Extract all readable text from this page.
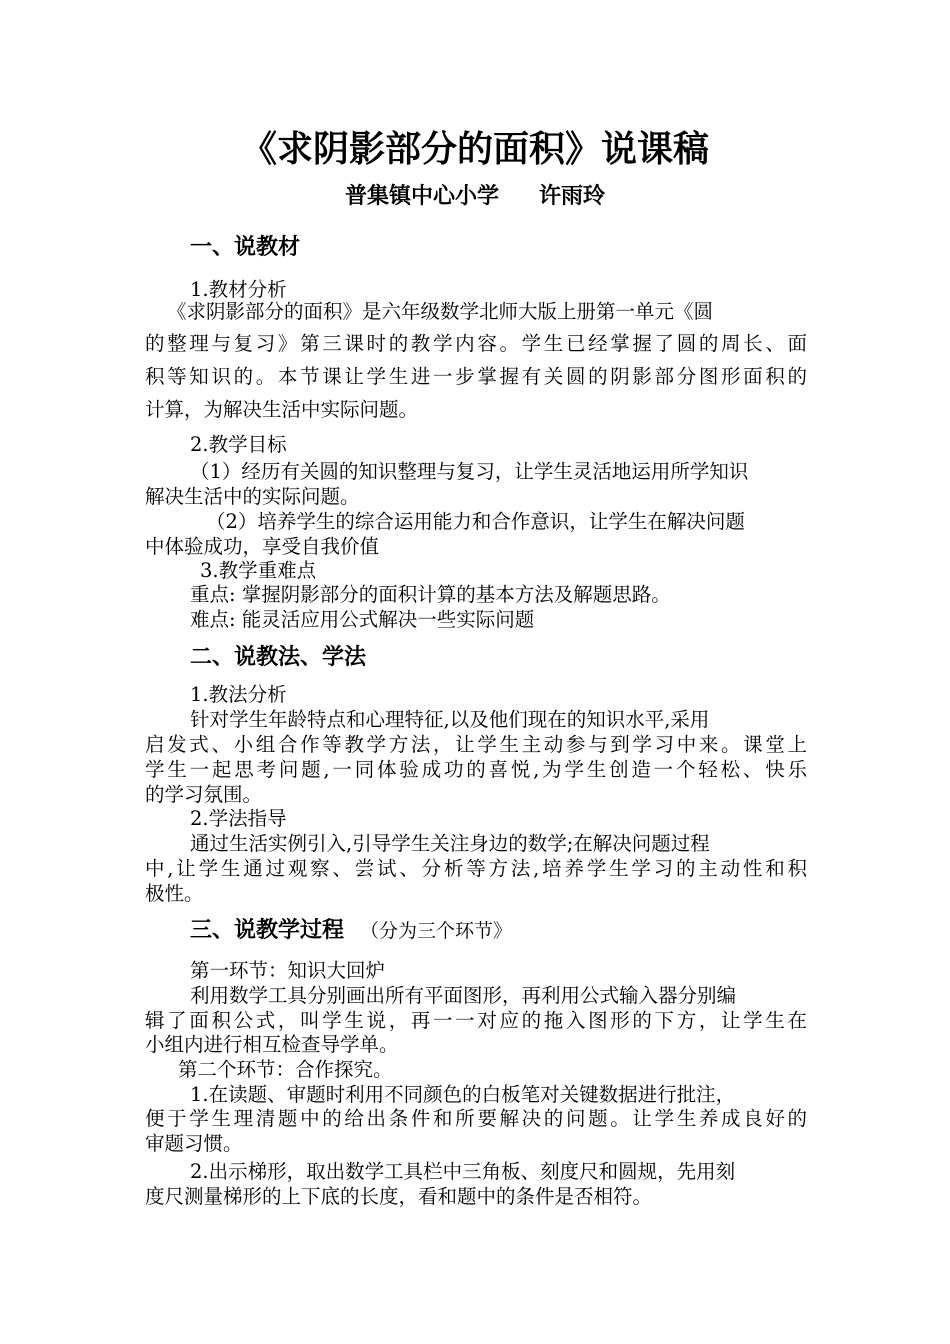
《求阴影部分的面积》说课稿
普集镇中心小学 许雨玲
一、说教材
1.教材分析
《求阴影部分的面积》是六年级数学北师大版上册第一单元《圆
的整理与复习》第三课时的教学内容。学生已经掌握了圆的周长、面
积等知识的。本节课让学生进一步掌握有关圆的阴影部分图形面积的
计算，为解决生活中实际问题。
2.教学目标
（1）经历有关圆的知识整理与复习，让学生灵活地运用所学知识
解决生活中的实际问题。
（2）培养学生的综合运用能力和合作意识，让学生在解决问题
中体验成功，享受自我价值
3.教学重难点
重点: 掌握阴影部分的面积计算的基本方法及解题思路。
难点: 能灵活应用公式解决一些实际问题
二、说教法、学法
1.教法分析
针对学生年龄特点和心理特征,以及他们现在的知识水平,采用
启发式、小组合作等教学方法，让学生主动参与到学习中来。课堂上
学生一起思考问题,一同体验成功的喜悦,为学生创造一个轻松、快乐
的学习氛围。
2.学法指导
通过生活实例引入,引导学生关注身边的数学;在解决问题过程
中,让学生通过观察、尝试、分析等方法,培养学生学习的主动性和积
极性。
三、说教学过程 （分为三个环节》
第一环节：知识大回炉
利用数学工具分别画出所有平面图形，再利用公式输入器分别编
辑了面积公式，叫学生说，再一一对应的拖入图形的下方，让学生在
小组内进行相互检查导学单。
第二个环节：合作探究。
1.在读题、审题时利用不同颜色的白板笔对关键数据进行批注，
便于学生理清题中的给出条件和所要解决的问题。让学生养成良好的
审题习惯。
2.出示梯形，取出数学工具栏中三角板、刻度尺和圆规，先用刻
度尺测量梯形的上下底的长度，看和题中的条件是否相符。
